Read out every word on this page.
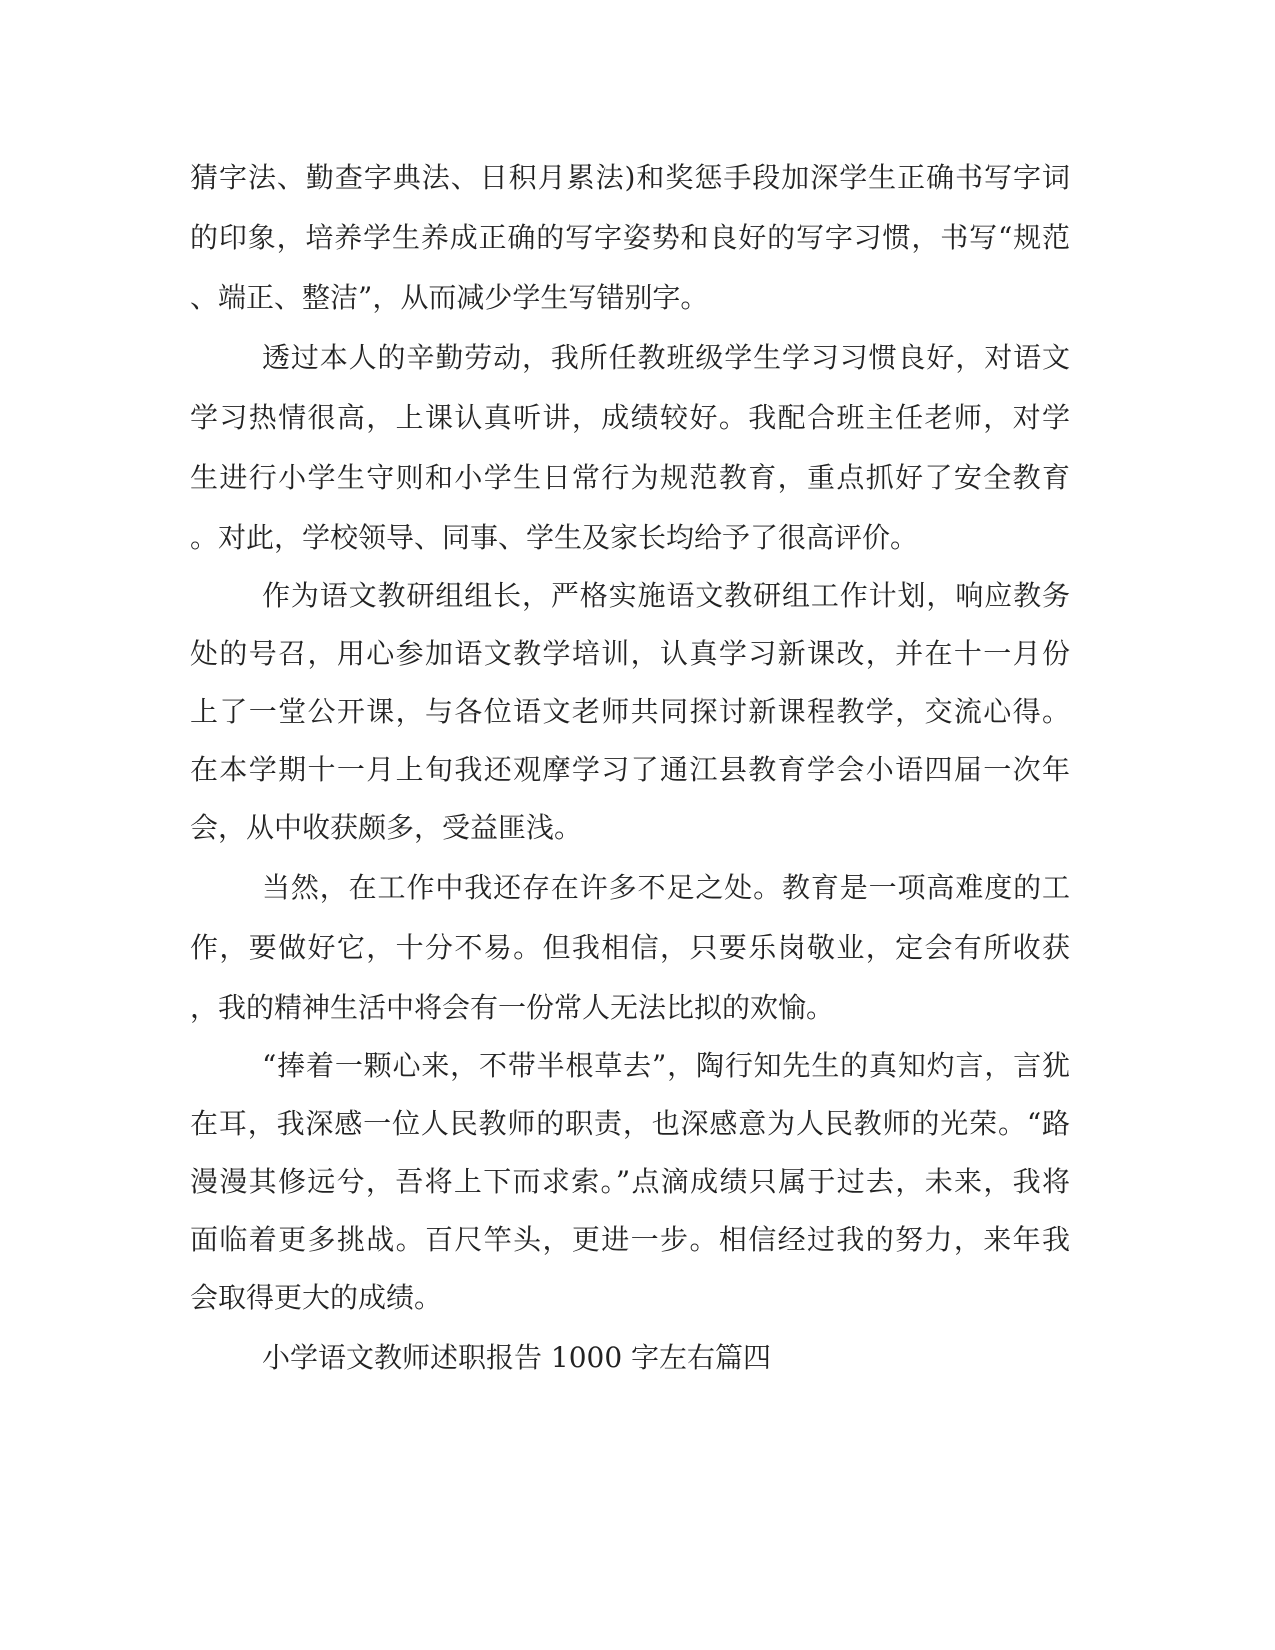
猜字法、勤查字典法、日积月累法)和奖惩手段加深学生正确书写字词
的印象，培养学生养成正确的写字姿势和良好的写字习惯，书写“规范
、端正、整洁”，从而减少学生写错别字。
透过本人的辛勤劳动，我所任教班级学生学习习惯良好，对语文
学习热情很高，上课认真听讲，成绩较好。我配合班主任老师，对学
生进行小学生守则和小学生日常行为规范教育，重点抓好了安全教育
。对此，学校领导、同事、学生及家长均给予了很高评价。
作为语文教研组组长，严格实施语文教研组工作计划，响应教务
处的号召，用心参加语文教学培训，认真学习新课改，并在十一月份
上了一堂公开课，与各位语文老师共同探讨新课程教学，交流心得。
在本学期十一月上旬我还观摩学习了通江县教育学会小语四届一次年
会，从中收获颇多，受益匪浅。
当然，在工作中我还存在许多不足之处。教育是一项高难度的工
作，要做好它，十分不易。但我相信，只要乐岗敬业，定会有所收获
，我的精神生活中将会有一份常人无法比拟的欢愉。
“捧着一颗心来，不带半根草去”，陶行知先生的真知灼言，言犹
在耳，我深感一位人民教师的职责，也深感意为人民教师的光荣。“路
漫漫其修远兮，吾将上下而求索。”点滴成绩只属于过去，未来，我将
面临着更多挑战。百尺竿头，更进一步。相信经过我的努力，来年我
会取得更大的成绩。
小学语文教师述职报告 1000 字左右篇四
